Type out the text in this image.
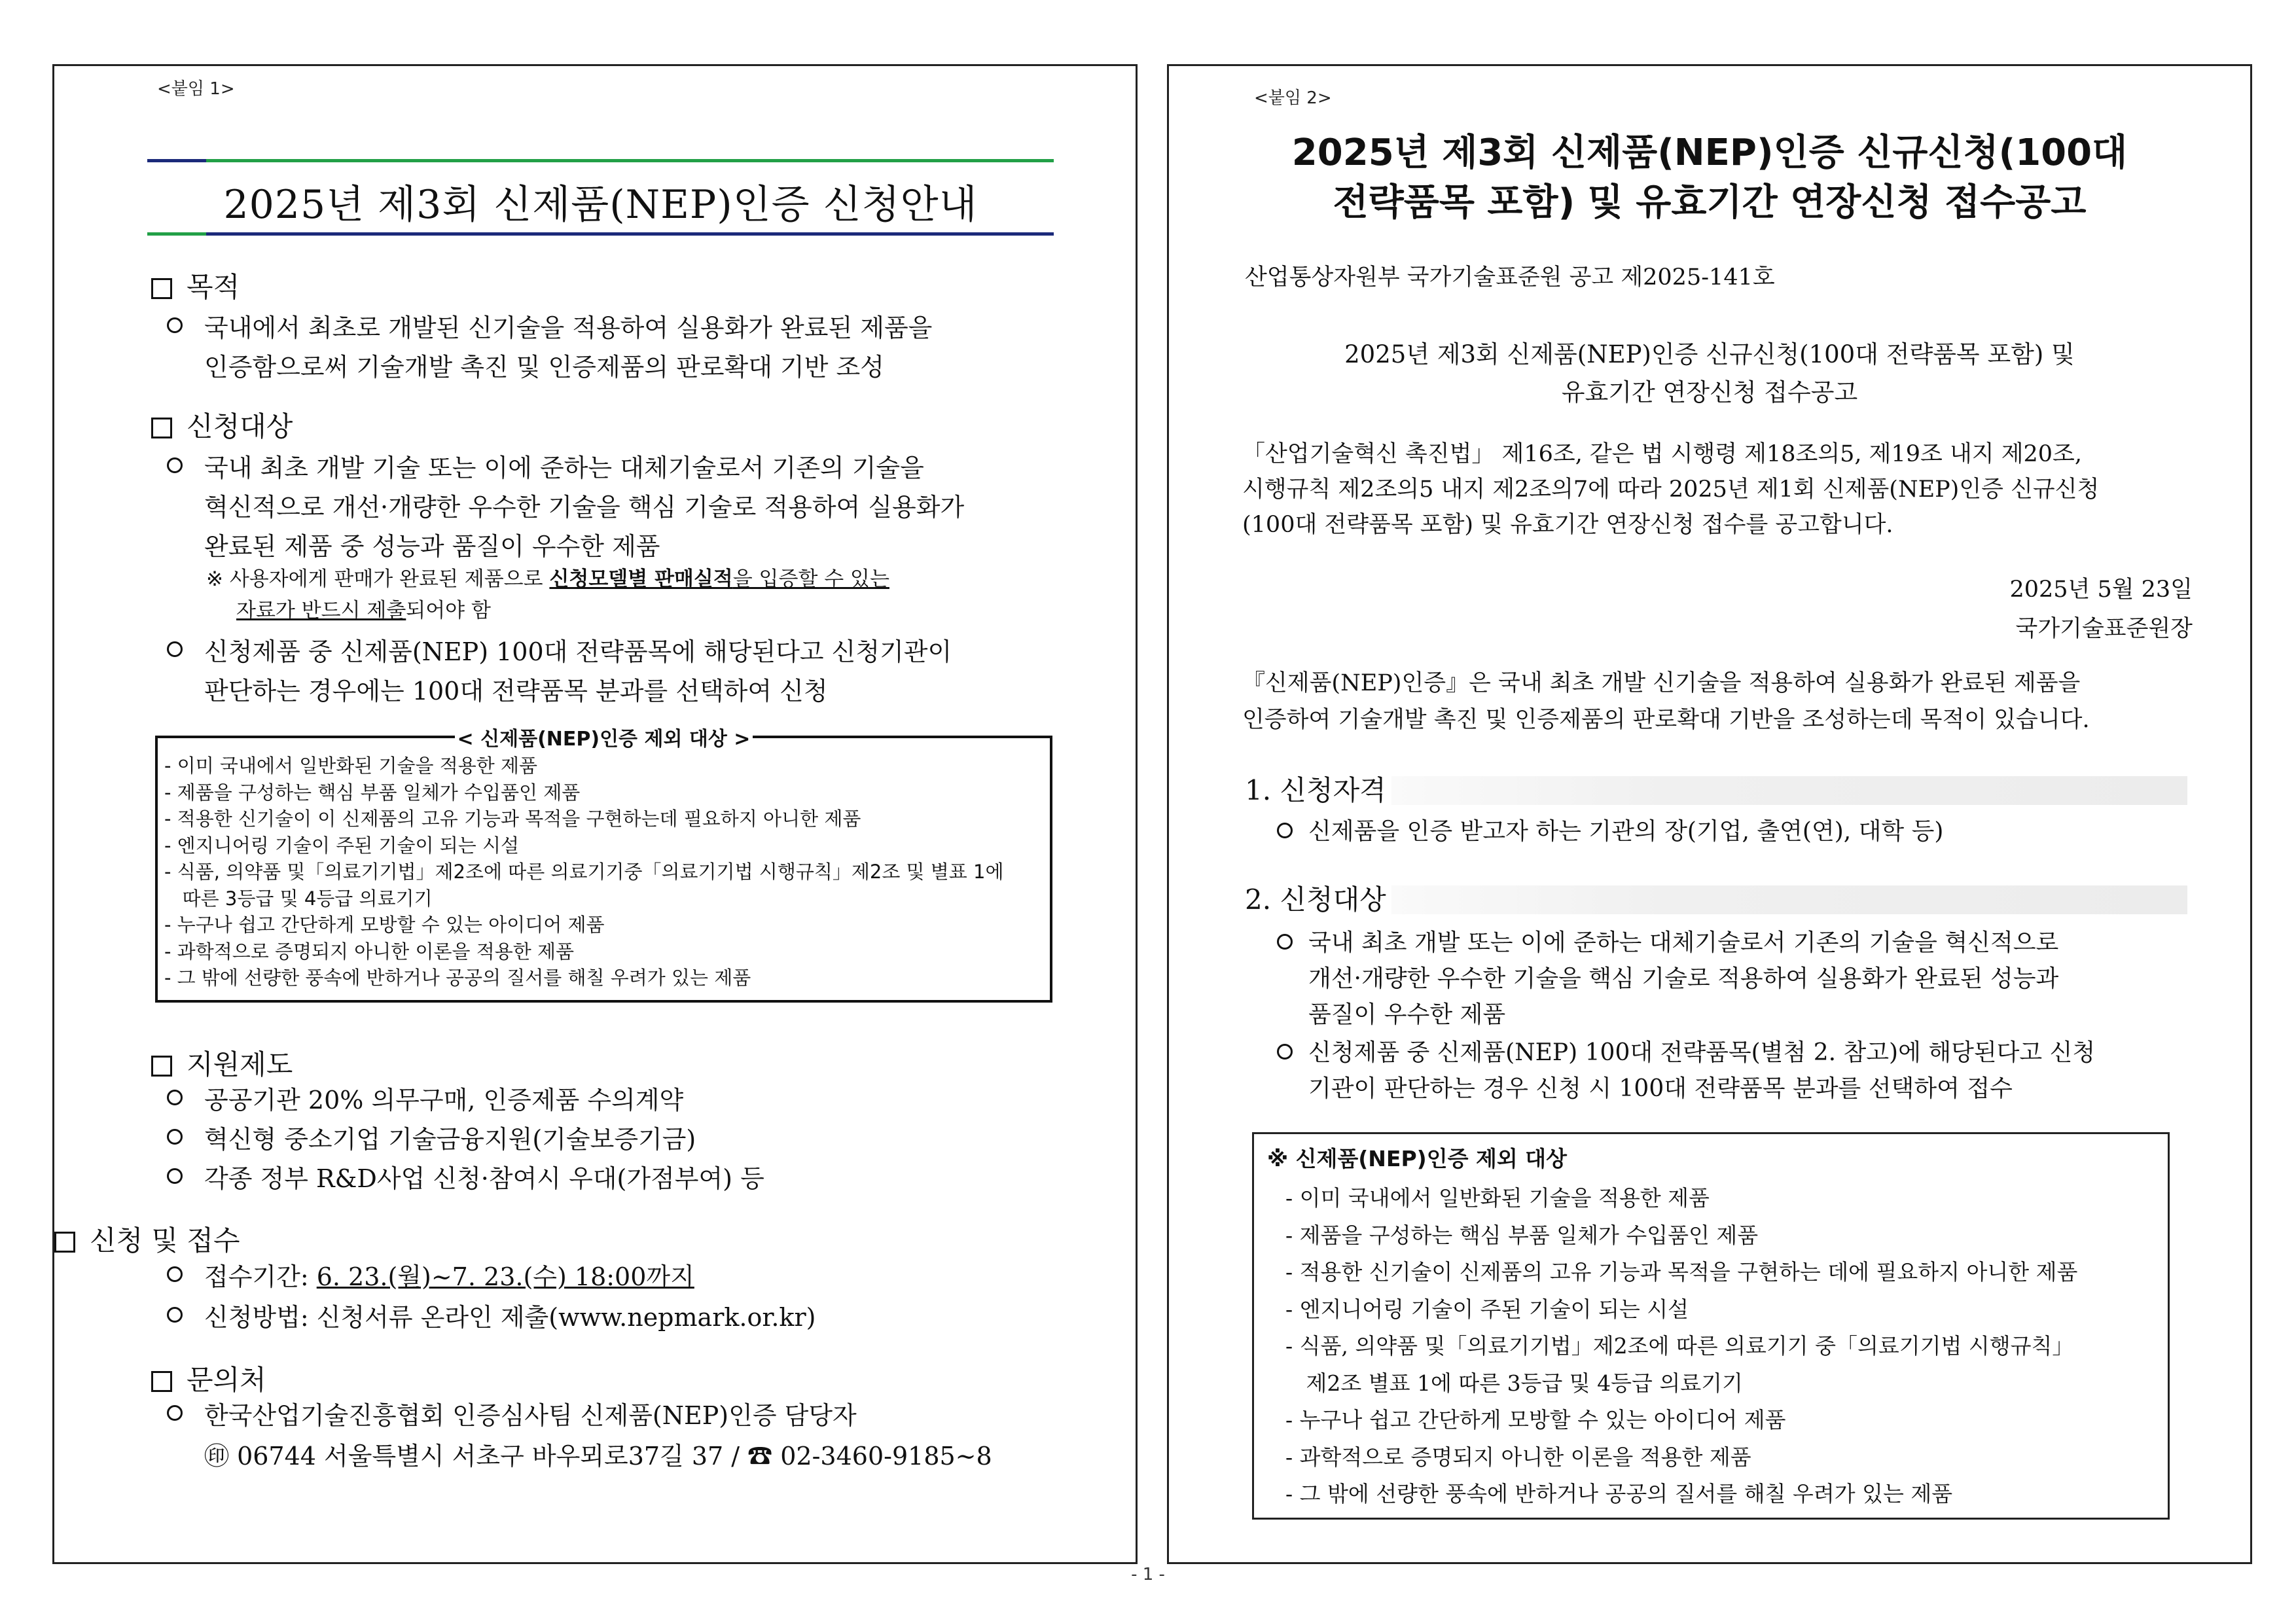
<붙임 1>
2025년 제3회 신제품(NEP)인증 신청안내
목적
국내에서 최초로 개발된 신기술을 적용하여 실용화가 완료된 제품을
인증함으로써 기술개발 촉진 및 인증제품의 판로확대 기반 조성
신청대상
국내 최초 개발 기술 또는 이에 준하는 대체기술로서 기존의 기술을
혁신적으로 개선·개량한 우수한 기술을 핵심 기술로 적용하여 실용화가
완료된 제품 중 성능과 품질이 우수한 제품
※ 사용자에게 판매가 완료된 제품으로 신청모델별 판매실적을 입증할 수 있는
자료가 반드시 제출되어야 함
신청제품 중 신제품(NEP) 100대 전략품목에 해당된다고 신청기관이
판단하는 경우에는 100대 전략품목 분과를 선택하여 신청
< 신제품(NEP)인증 제외 대상 >
- 이미 국내에서 일반화된 기술을 적용한 제품
- 제품을 구성하는 핵심 부품 일체가 수입품인 제품
- 적용한 신기술이 이 신제품의 고유 기능과 목적을 구현하는데 필요하지 아니한 제품
- 엔지니어링 기술이 주된 기술이 되는 시설
- 식품, 의약품 및「의료기기법」제2조에 따른 의료기기중「의료기기법 시행규칙」제2조 및 별표 1에
따른 3등급 및 4등급 의료기기
- 누구나 쉽고 간단하게 모방할 수 있는 아이디어 제품
- 과학적으로 증명되지 아니한 이론을 적용한 제품
- 그 밖에 선량한 풍속에 반하거나 공공의 질서를 해칠 우려가 있는 제품
지원제도
공공기관 20% 의무구매, 인증제품 수의계약
혁신형 중소기업 기술금융지원(기술보증기금)
각종 정부 R&D사업 신청·참여시 우대(가점부여) 등
신청 및 접수
접수기간: 6. 23.(월)~7. 23.(수) 18:00까지
신청방법: 신청서류 온라인 제출(www.nepmark.or.kr)
문의처
한국산업기술진흥협회 인증심사팀 신제품(NEP)인증 담당자
㊞ 06744 서울특별시 서초구 바우뫼로37길 37 / ☎ 02-3460-9185~8
<붙임 2>
2025년 제3회 신제품(NEP)인증 신규신청(100대
전략품목 포함) 및 유효기간 연장신청 접수공고
산업통상자원부 국가기술표준원 공고 제2025-141호
2025년 제3회 신제품(NEP)인증 신규신청(100대 전략품목 포함) 및
유효기간 연장신청 접수공고
「산업기술혁신 촉진법」 제16조, 같은 법 시행령 제18조의5, 제19조 내지 제20조,
시행규칙 제2조의5 내지 제2조의7에 따라 2025년 제1회 신제품(NEP)인증 신규신청
(100대 전략품목 포함) 및 유효기간 연장신청 접수를 공고합니다.
2025년 5월 23일
국가기술표준원장
『신제품(NEP)인증』은 국내 최초 개발 신기술을 적용하여 실용화가 완료된 제품을
인증하여 기술개발 촉진 및 인증제품의 판로확대 기반을 조성하는데 목적이 있습니다.
1. 신청자격
신제품을 인증 받고자 하는 기관의 장(기업, 출연(연), 대학 등)
2. 신청대상
국내 최초 개발 또는 이에 준하는 대체기술로서 기존의 기술을 혁신적으로
개선·개량한 우수한 기술을 핵심 기술로 적용하여 실용화가 완료된 성능과
품질이 우수한 제품
신청제품 중 신제품(NEP) 100대 전략품목(별첨 2. 참고)에 해당된다고 신청
기관이 판단하는 경우 신청 시 100대 전략품목 분과를 선택하여 접수
※ 신제품(NEP)인증 제외 대상
- 이미 국내에서 일반화된 기술을 적용한 제품
- 제품을 구성하는 핵심 부품 일체가 수입품인 제품
- 적용한 신기술이 신제품의 고유 기능과 목적을 구현하는 데에 필요하지 아니한 제품
- 엔지니어링 기술이 주된 기술이 되는 시설
- 식품, 의약품 및「의료기기법」제2조에 따른 의료기기 중「의료기기법 시행규칙」
제2조 별표 1에 따른 3등급 및 4등급 의료기기
- 누구나 쉽고 간단하게 모방할 수 있는 아이디어 제품
- 과학적으로 증명되지 아니한 이론을 적용한 제품
- 그 밖에 선량한 풍속에 반하거나 공공의 질서를 해칠 우려가 있는 제품
- 1 -
